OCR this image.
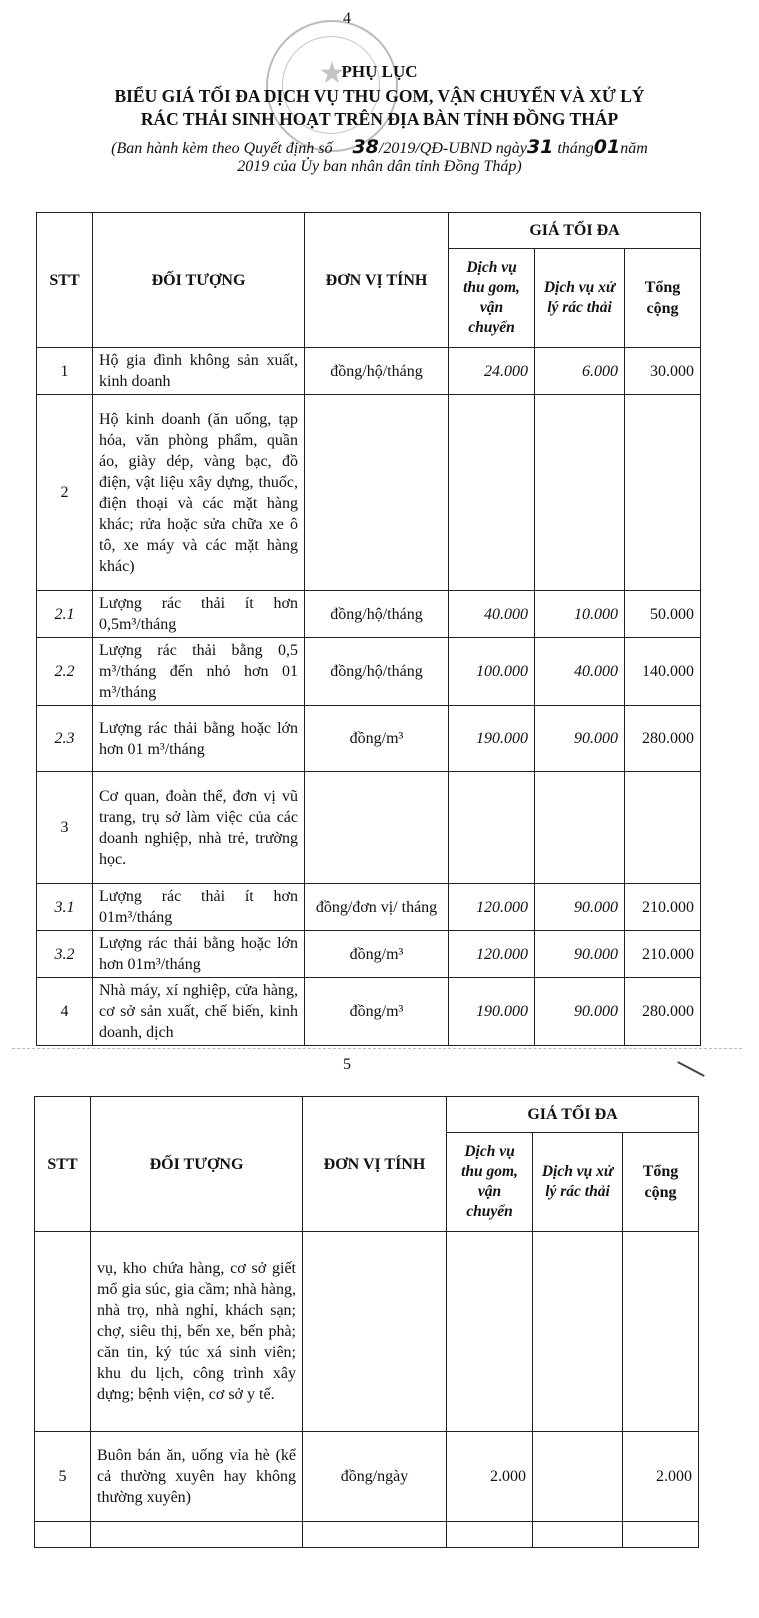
4
★
PHỤ LỤC
BIỂU GIÁ TỐI ĐA DỊCH VỤ THU GOM, VẬN CHUYỂN VÀ XỬ LÝ
RÁC THẢI SINH HOẠT TRÊN ĐỊA BÀN TỈNH ĐỒNG THÁP
(Ban hành kèm theo Quyết định số 38/2019/QĐ-UBND ngày31 tháng01năm
2019 của Ủy ban nhân dân tỉnh Đồng Tháp)
STT	ĐỐI TƯỢNG	ĐƠN VỊ TÍNH	GIÁ TỐI ĐA		
			Dịch vụ thu gom, vận chuyển	Dịch vụ xử lý rác thải	Tổng cộng
1	Hộ gia đình không sản xuất, kinh doanh	đồng/hộ/tháng	24.000	6.000	30.000
2	Hộ kinh doanh (ăn uống, tạp hóa, văn phòng phẩm, quần áo, giày dép, vàng bạc, đồ điện, vật liệu xây dựng, thuốc, điện thoại và các mặt hàng khác; rửa hoặc sửa chữa xe ô tô, xe máy và các mặt hàng khác)				
2.1	Lượng rác thải ít hơn 0,5m³/tháng	đồng/hộ/tháng	40.000	10.000	50.000
2.2	Lượng rác thải bằng 0,5 m³/tháng đến nhỏ hơn 01 m³/tháng	đồng/hộ/tháng	100.000	40.000	140.000
2.3	Lượng rác thải bằng hoặc lớn hơn 01 m³/tháng	đồng/m³	190.000	90.000	280.000
3	Cơ quan, đoàn thể, đơn vị vũ trang, trụ sở làm việc của các doanh nghiệp, nhà trẻ, trường học.				
3.1	Lượng rác thải ít hơn 01m³/tháng	đồng/đơn vị/ tháng	120.000	90.000	210.000
3.2	Lượng rác thải bằng hoặc lớn hơn 01m³/tháng	đồng/m³	120.000	90.000	210.000
4	Nhà máy, xí nghiệp, cửa hàng, cơ sở sản xuất, chế biến, kinh doanh, dịch	đồng/m³	190.000	90.000	280.000
5
STT	ĐỐI TƯỢNG	ĐƠN VỊ TÍNH	GIÁ TỐI ĐA		
			Dịch vụ thu gom, vận chuyển	Dịch vụ xử lý rác thải	Tổng cộng
	vụ, kho chứa hàng, cơ sở giết mổ gia súc, gia cầm; nhà hàng, nhà trọ, nhà nghỉ, khách sạn; chợ, siêu thị, bến xe, bến phà; căn tin, ký túc xá sinh viên; khu du lịch, công trình xây dựng; bệnh viện, cơ sở y tế.				
5	Buôn bán ăn, uống vỉa hè (kể cả thường xuyên hay không thường xuyên)	đồng/ngày	2.000		2.000
